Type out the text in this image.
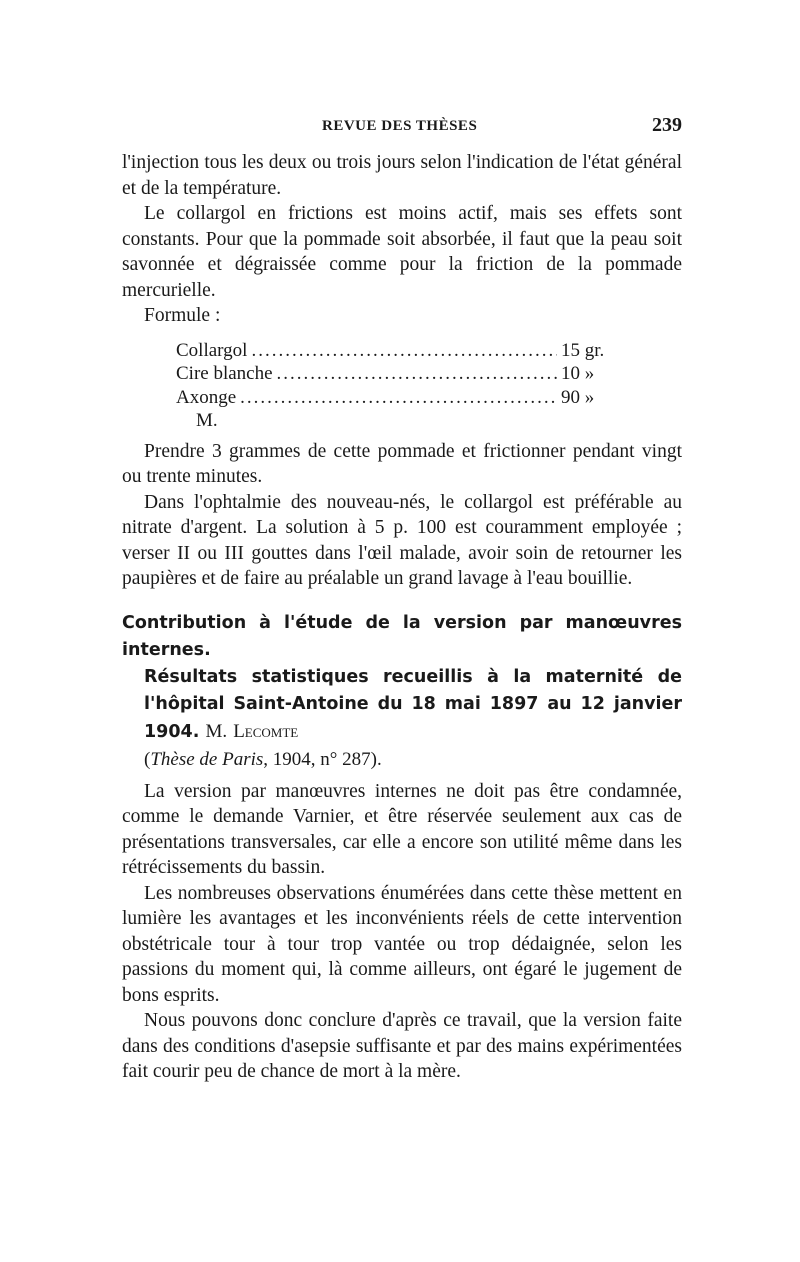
REVUE DES THÈSES	239

l'injection tous les deux ou trois jours selon l'indication de l'état général et de la température.

Le collargol en frictions est moins actif, mais ses effets sont constants. Pour que la pommade soit absorbée, il faut que la peau soit savonnée et dégraissée comme pour la friction de la pommade mercurielle.

Formule :

Collargol .....	15 gr.
Cire blanche .....	10 »
Axonge .....	90 »
M.

Prendre 3 grammes de cette pommade et frictionner pendant vingt ou trente minutes.

Dans l'ophtalmie des nouveau-nés, le collargol est préférable au nitrate d'argent. La solution à 5 p. 100 est couramment employée ; verser II ou III gouttes dans l'œil malade, avoir soin de retourner les paupières et de faire au préalable un grand lavage à l'eau bouillie.

Contribution à l'étude de la version par manœuvres internes.
Résultats statistiques recueillis à la maternité de l'hôpital Saint-Antoine du 18 mai 1897 au 12 janvier 1904. M. Lecomte
(Thèse de Paris, 1904, n° 287).

La version par manœuvres internes ne doit pas être condamnée, comme le demande Varnier, et être réservée seulement aux cas de présentations transversales, car elle a encore son utilité même dans les rétrécissements du bassin.

Les nombreuses observations énumérées dans cette thèse mettent en lumière les avantages et les inconvénients réels de cette intervention obstétricale tour à tour trop vantée ou trop dédaignée, selon les passions du moment qui, là comme ailleurs, ont égaré le jugement de bons esprits.

Nous pouvons donc conclure d'après ce travail, que la version faite dans des conditions d'asepsie suffisante et par des mains expérimentées fait courir peu de chance de mort à la mère.
